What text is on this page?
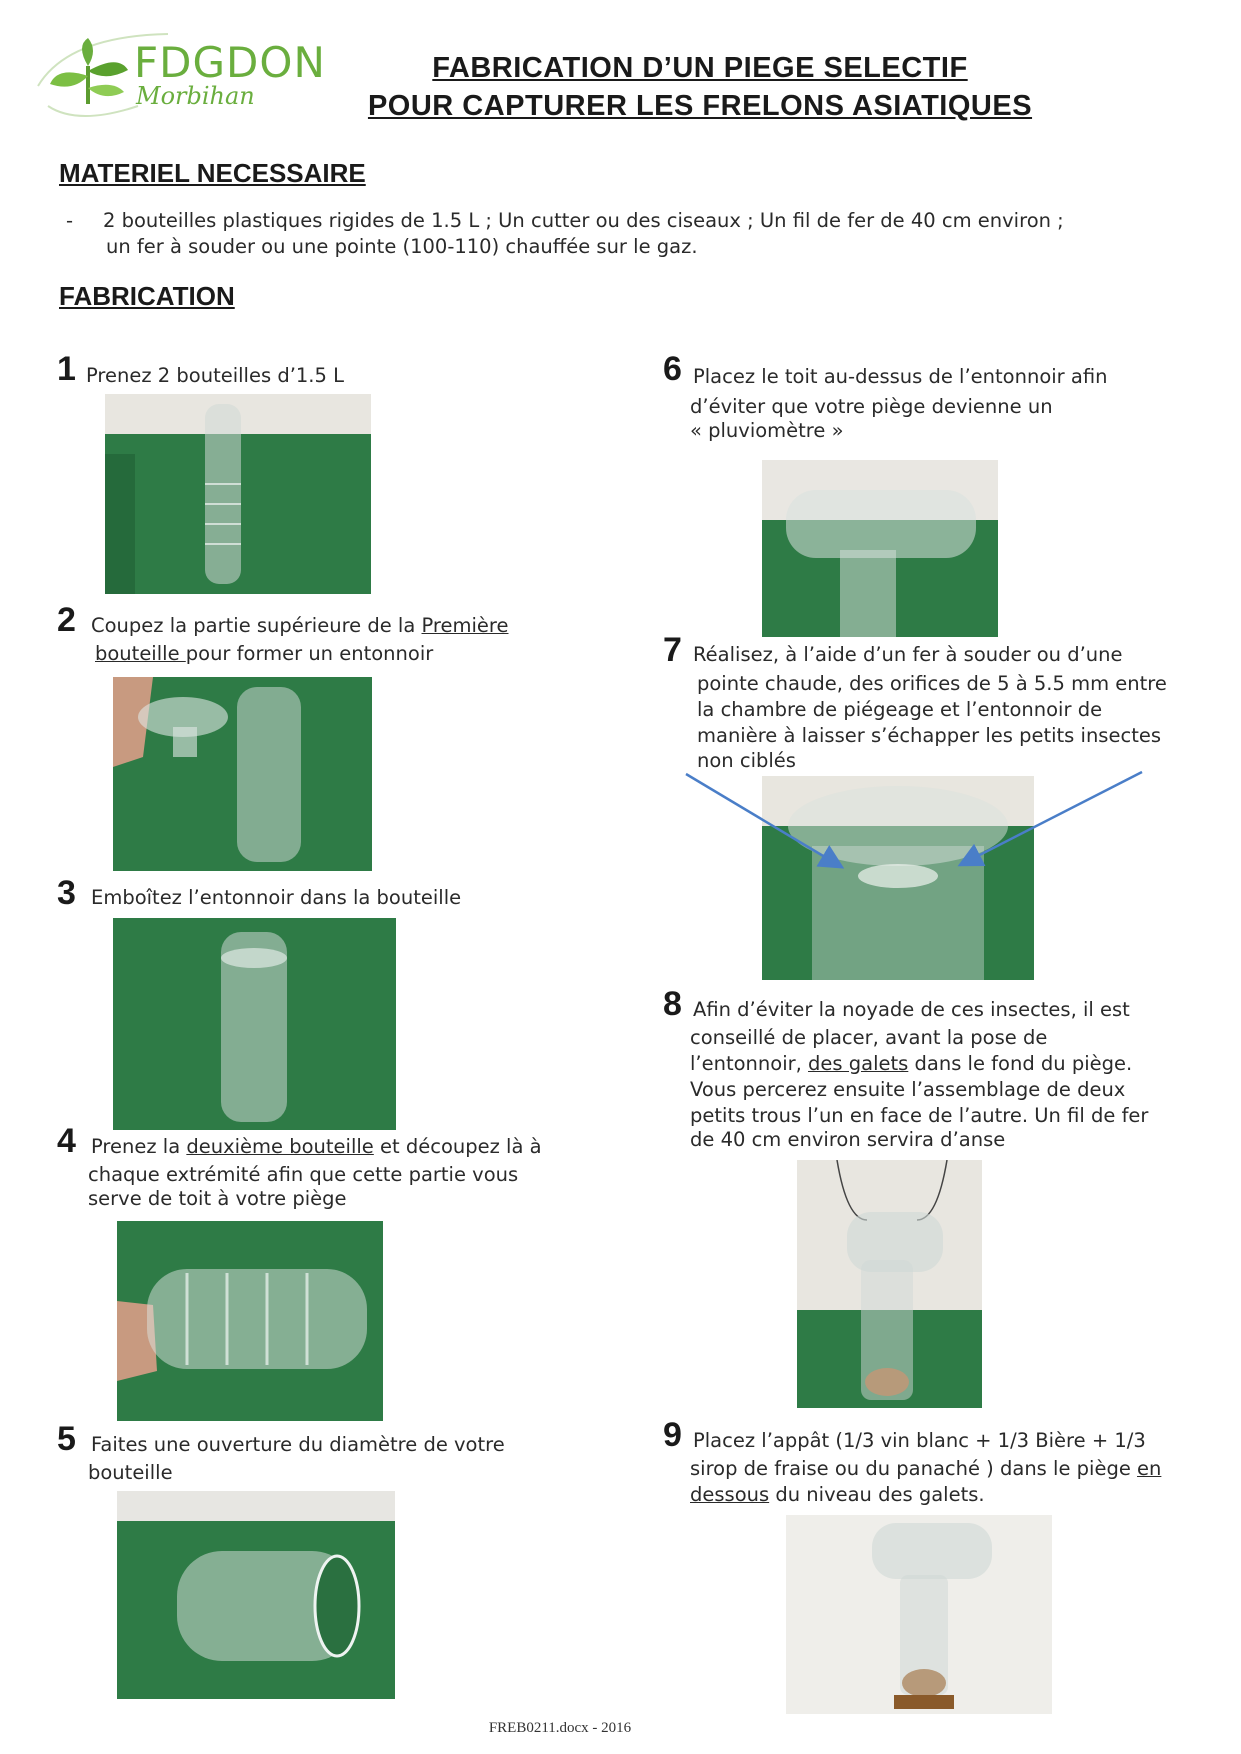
FDGDON
Morbihan
FABRICATION D’UN PIEGE SELECTIF
POUR CAPTURER LES FRELONS ASIATIQUES
MATERIEL NECESSAIRE
- 2 bouteilles plastiques rigides de 1.5 L ; Un cutter ou des ciseaux ; Un fil de fer de 40 cm environ ;
un fer à souder ou une pointe (100-110) chauffée sur le gaz.
FABRICATION
1 Prenez 2 bouteilles d’1.5 L
2 Coupez la partie supérieure de la Première
bouteille pour former un entonnoir
3 Emboîtez l’entonnoir dans la bouteille
4 Prenez la deuxième bouteille et découpez là à
chaque extrémité afin que cette partie vous
serve de toit à votre piège
5 Faites une ouverture du diamètre de votre
bouteille
6 Placez le toit au-dessus de l’entonnoir afin
d’éviter que votre piège devienne un
« pluviomètre »
7 Réalisez, à l’aide d’un fer à souder ou d’une
pointe chaude, des orifices de 5 à 5.5 mm entre
la chambre de piégeage et l’entonnoir de
manière à laisser s’échapper les petits insectes
non ciblés
8 Afin d’éviter la noyade de ces insectes, il est
conseillé de placer, avant la pose de
l’entonnoir, des galets dans le fond du piège.
Vous percerez ensuite l’assemblage de deux
petits trous l’un en face de l’autre. Un fil de fer
de 40 cm environ servira d’anse
9 Placez l’appât (1/3 vin blanc + 1/3 Bière + 1/3
sirop de fraise ou du panaché ) dans le piège en
dessous du niveau des galets.
FREB0211.docx - 2016
